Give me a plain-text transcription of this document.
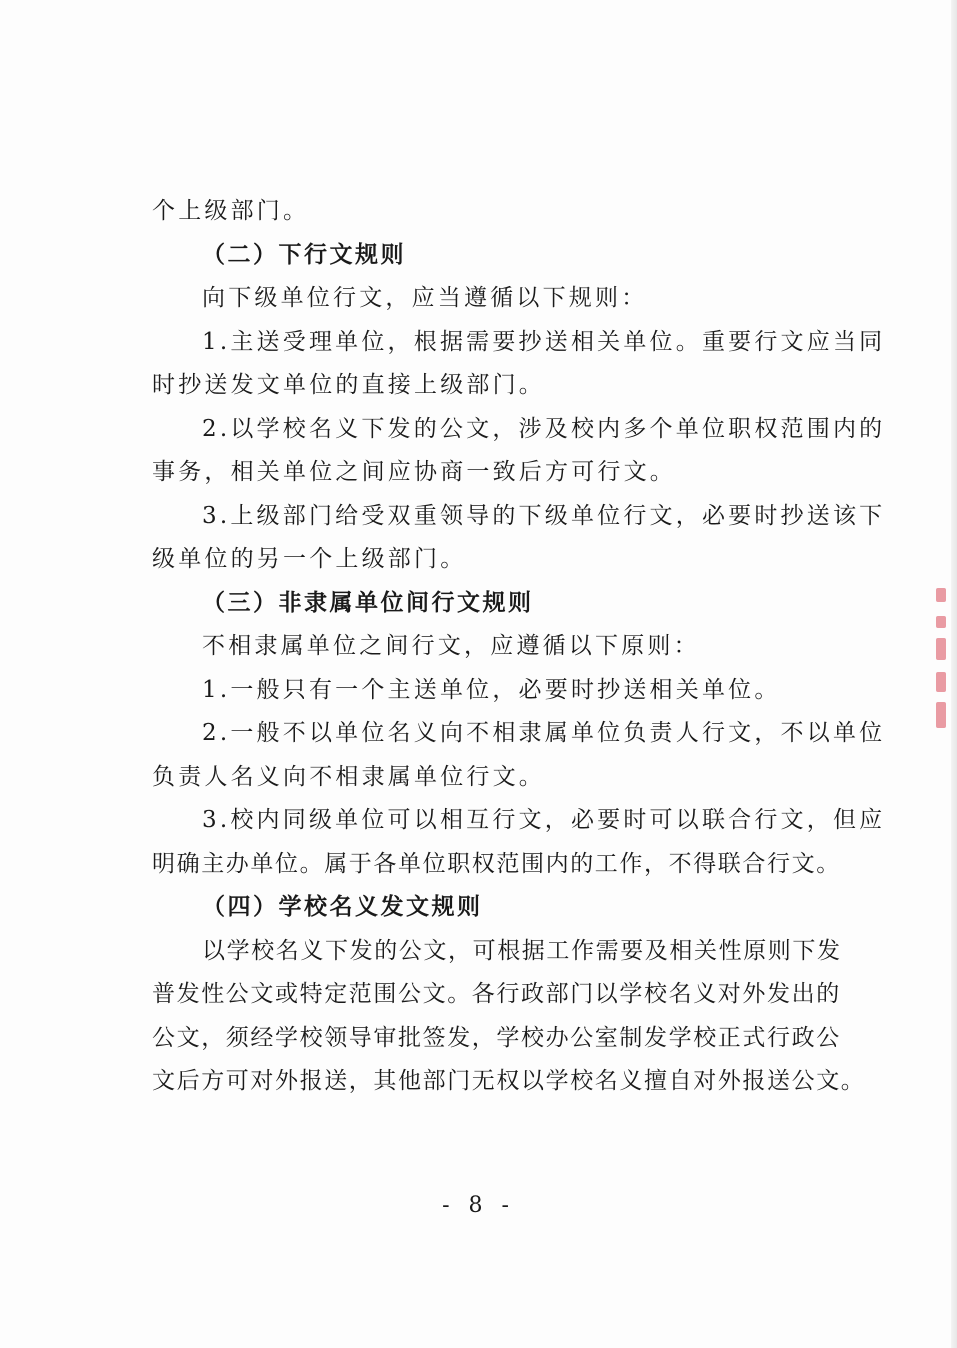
个上级部门。
（二）下行文规则
向下级单位行文，应当遵循以下规则：
1.主送受理单位，根据需要抄送相关单位。重要行文应当同
时抄送发文单位的直接上级部门。
2.以学校名义下发的公文，涉及校内多个单位职权范围内的
事务，相关单位之间应协商一致后方可行文。
3.上级部门给受双重领导的下级单位行文，必要时抄送该下
级单位的另一个上级部门。
（三）非隶属单位间行文规则
不相隶属单位之间行文，应遵循以下原则：
1.一般只有一个主送单位，必要时抄送相关单位。
2.一般不以单位名义向不相隶属单位负责人行文，不以单位
负责人名义向不相隶属单位行文。
3.校内同级单位可以相互行文，必要时可以联合行文，但应
明确主办单位。属于各单位职权范围内的工作，不得联合行文。
（四）学校名义发文规则
以学校名义下发的公文，可根据工作需要及相关性原则下发
普发性公文或特定范围公文。各行政部门以学校名义对外发出的
公文，须经学校领导审批签发，学校办公室制发学校正式行政公
文后方可对外报送，其他部门无权以学校名义擅自对外报送公文。
- 8 -
